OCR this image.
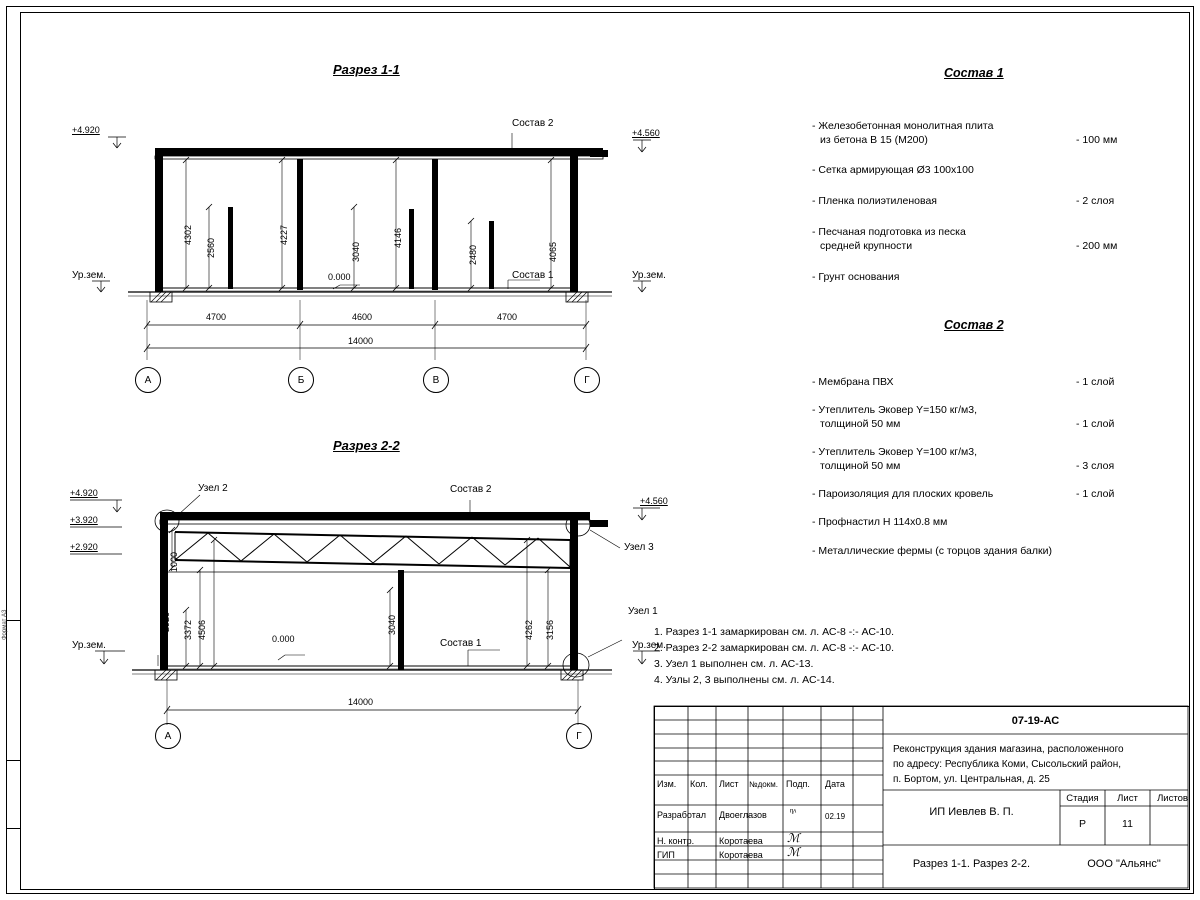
Формат А3
Разрез 1-1
+4.920	+4.560
Ур.зем.	Ур.зем.
Состав 2
Состав 1
0.000
4302
2560
4227
3040
4146
2480	4065
4700	4600	4700
14000
А	Б	В	Г
Разрез 2-2
+4.920
+3.920
+2.920
+4.560
Ур.зем.	Ур.зем.
Узел 2
Узел 3
Узел 1
Состав 2
Состав 1
0.000
2920 3372 4506
1000
3040	4262 3156
14000
А	Г
Состав 1
- Железобетонная монолитная плита
из бетона В 15 (М200)	- 100 мм
- Сетка армирующая Ø3 100х100
- Пленка полиэтиленовая	- 2 слоя
- Песчаная подготовка из песка
средней крупности	- 200 мм
- Грунт основания
Состав 2
- Мембрана ПВХ	- 1 слой
- Утеплитель Эковер Y=150 кг/м3,
толщиной 50 мм	- 1 слой
- Утеплитель Эковер Y=100 кг/м3,
толщиной 50 мм	- 3 слоя
- Пароизоляция для плоских кровель	- 1 слой
- Профнастил Н 114х0.8 мм
- Металлические фермы (с торцов здания балки)
1. Разрез 1-1 замаркирован см. л. АС-8 -:- АС-10.
2. Разрез 2-2 замаркирован см. л. АС-8 -:- АС-10.
3. Узел 1 выполнен см. л. АС-13.
4. Узлы 2, 3 выполнены см. л. АС-14.
07-19-АС
Реконструкция здания магазина, расположенного
по адресу: Республика Коми, Сысольский район,
п. Бортом, ул. Центральная, д. 25
Изм. Кол. Лист №докм. Подп. Дата
Разработал Двоеглазов ᶯᶺ	02.19
Н. контр.	Коротаева ℳ
ГИП	Коротаева ℳ
ИП Иевлев В. П.
Разрез 1-1. Разрез 2-2.
Стадия	Лист	Листов
Р	11
ООО "Альянс"
